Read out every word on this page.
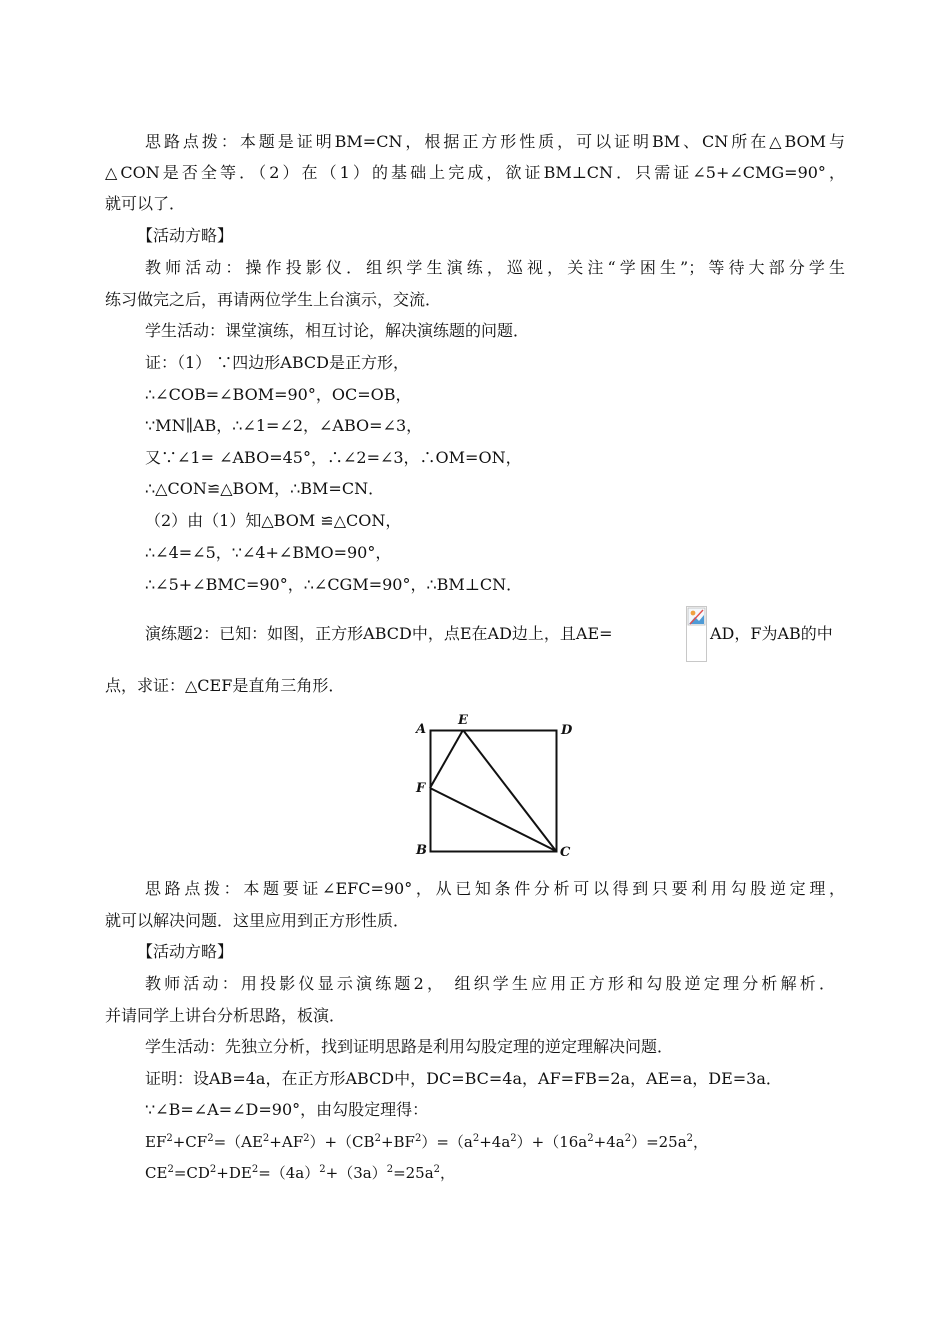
思路点拨：本题是证明BM=CN，根据正方形性质，可以证明BM、CN所在△BOM与
△CON是否全等．（2）在（1）的基础上完成，欲证BM⊥CN．只需证∠5+∠CMG=90°，
就可以了．
【活动方略】
教师活动：操作投影仪．组织学生演练，巡视，关注“学困生”；等待大部分学生
练习做完之后，再请两位学生上台演示，交流．
学生活动：课堂演练，相互讨论，解决演练题的问题．
证：（1） ∵四边形ABCD是正方形，
∴∠COB=∠BOM=90°，OC=OB，
∵MN∥AB，∴∠1=∠2，∠ABO=∠3，
又∵∠1= ∠ABO=45°，∴∠2=∠3，∴OM=ON，
∴△CON≌△BOM，∴BM=CN．
（2）由（1）知△BOM ≌△CON，
∴∠4=∠5，∵∠4+∠BMO=90°，
∴∠5+∠BMC=90°，∴∠CGM=90°，∴BM⊥CN．
演练题2：已知：如图，正方形ABCD中，点E在AD边上，且AE=	AD，F为AB的中
点，求证：△CEF是直角三角形．
A
E
D
F
B	C
思路点拨：本题要证∠EFC=90°，从已知条件分析可以得到只要利用勾股逆定理，
就可以解决问题．这里应用到正方形性质．
【活动方略】
教师活动：用投影仪显示演练题2， 组织学生应用正方形和勾股逆定理分析解析．
并请同学上讲台分析思路，板演．
学生活动：先独立分析，找到证明思路是利用勾股定理的逆定理解决问题．
证明：设AB=4a，在正方形ABCD中，DC=BC=4a，AF=FB=2a，AE=a，DE=3a．
∵∠B=∠A=∠D=90°，由勾股定理得：
$EF^2+CF^2=(AE^2+AF^2)+(CB^2+BF^2)=(a^2+4a^2)+(16a^2+4a^2)=25a^2$，
$CE^2=CD^2+DE^2=(4a)^2+(3a)^2=25a^2$，
